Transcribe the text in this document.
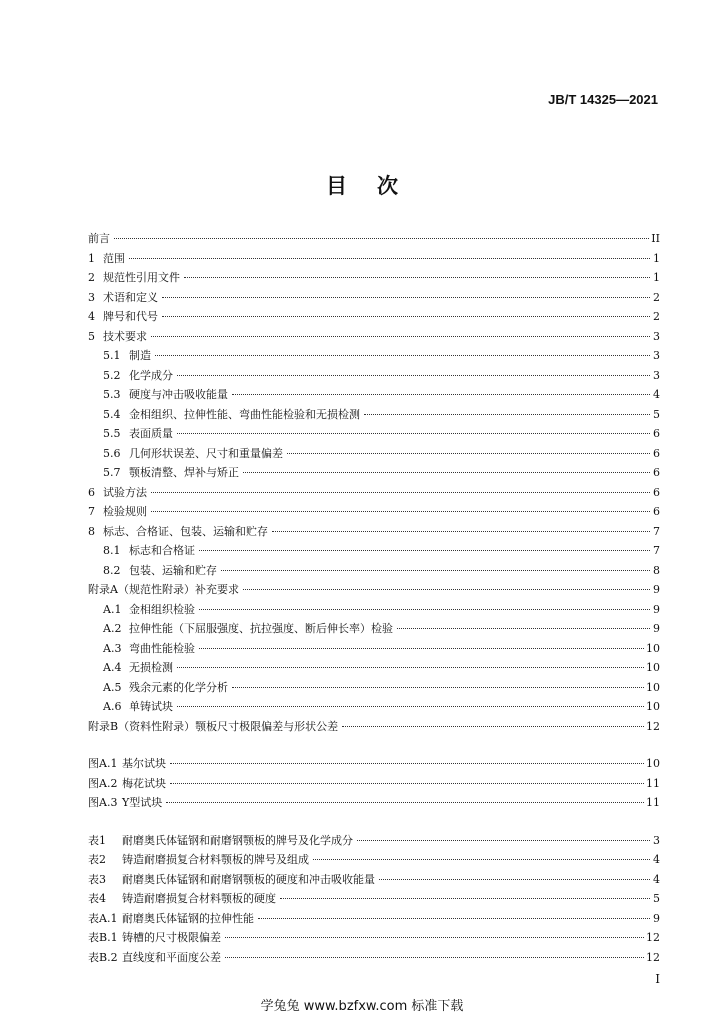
JB/T 14325—2021
目次
前言	II
1 范围	1
2 规范性引用文件	1
3 术语和定义	2
4 牌号和代号	2
5 技术要求	3
5.1 制造	3
5.2 化学成分	3
5.3 硬度与冲击吸收能量	4
5.4 金相组织、拉伸性能、弯曲性能检验和无损检测	5
5.5 表面质量	6
5.6 几何形状误差、尺寸和重量偏差	6
5.7 颚板清整、焊补与矫正	6
6 试验方法	6
7 检验规则	6
8 标志、合格证、包装、运输和贮存	7
8.1 标志和合格证	7
8.2 包装、运输和贮存	8
附录A（规范性附录）补充要求	9
A.1 金相组织检验	9
A.2 拉伸性能（下屈服强度、抗拉强度、断后伸长率）检验	9
A.3 弯曲性能检验	10
A.4 无损检测	10
A.5 残余元素的化学分析	10
A.6 单铸试块	10
附录B（资料性附录）颚板尺寸极限偏差与形状公差	12
图A.1 基尔试块	10
图A.2 梅花试块	11
图A.3 Y型试块	11
表1	耐磨奥氏体锰钢和耐磨钢颚板的牌号及化学成分	3
表2	铸造耐磨损复合材料颚板的牌号及组成	4
表3	耐磨奥氏体锰钢和耐磨钢颚板的硬度和冲击吸收能量	4
表4	铸造耐磨损复合材料颚板的硬度	5
表A.1 耐磨奥氏体锰钢的拉伸性能	9
表B.1 铸槽的尺寸极限偏差	12
表B.2 直线度和平面度公差	12
I
学兔兔 www.bzfxw.com 标准下载
